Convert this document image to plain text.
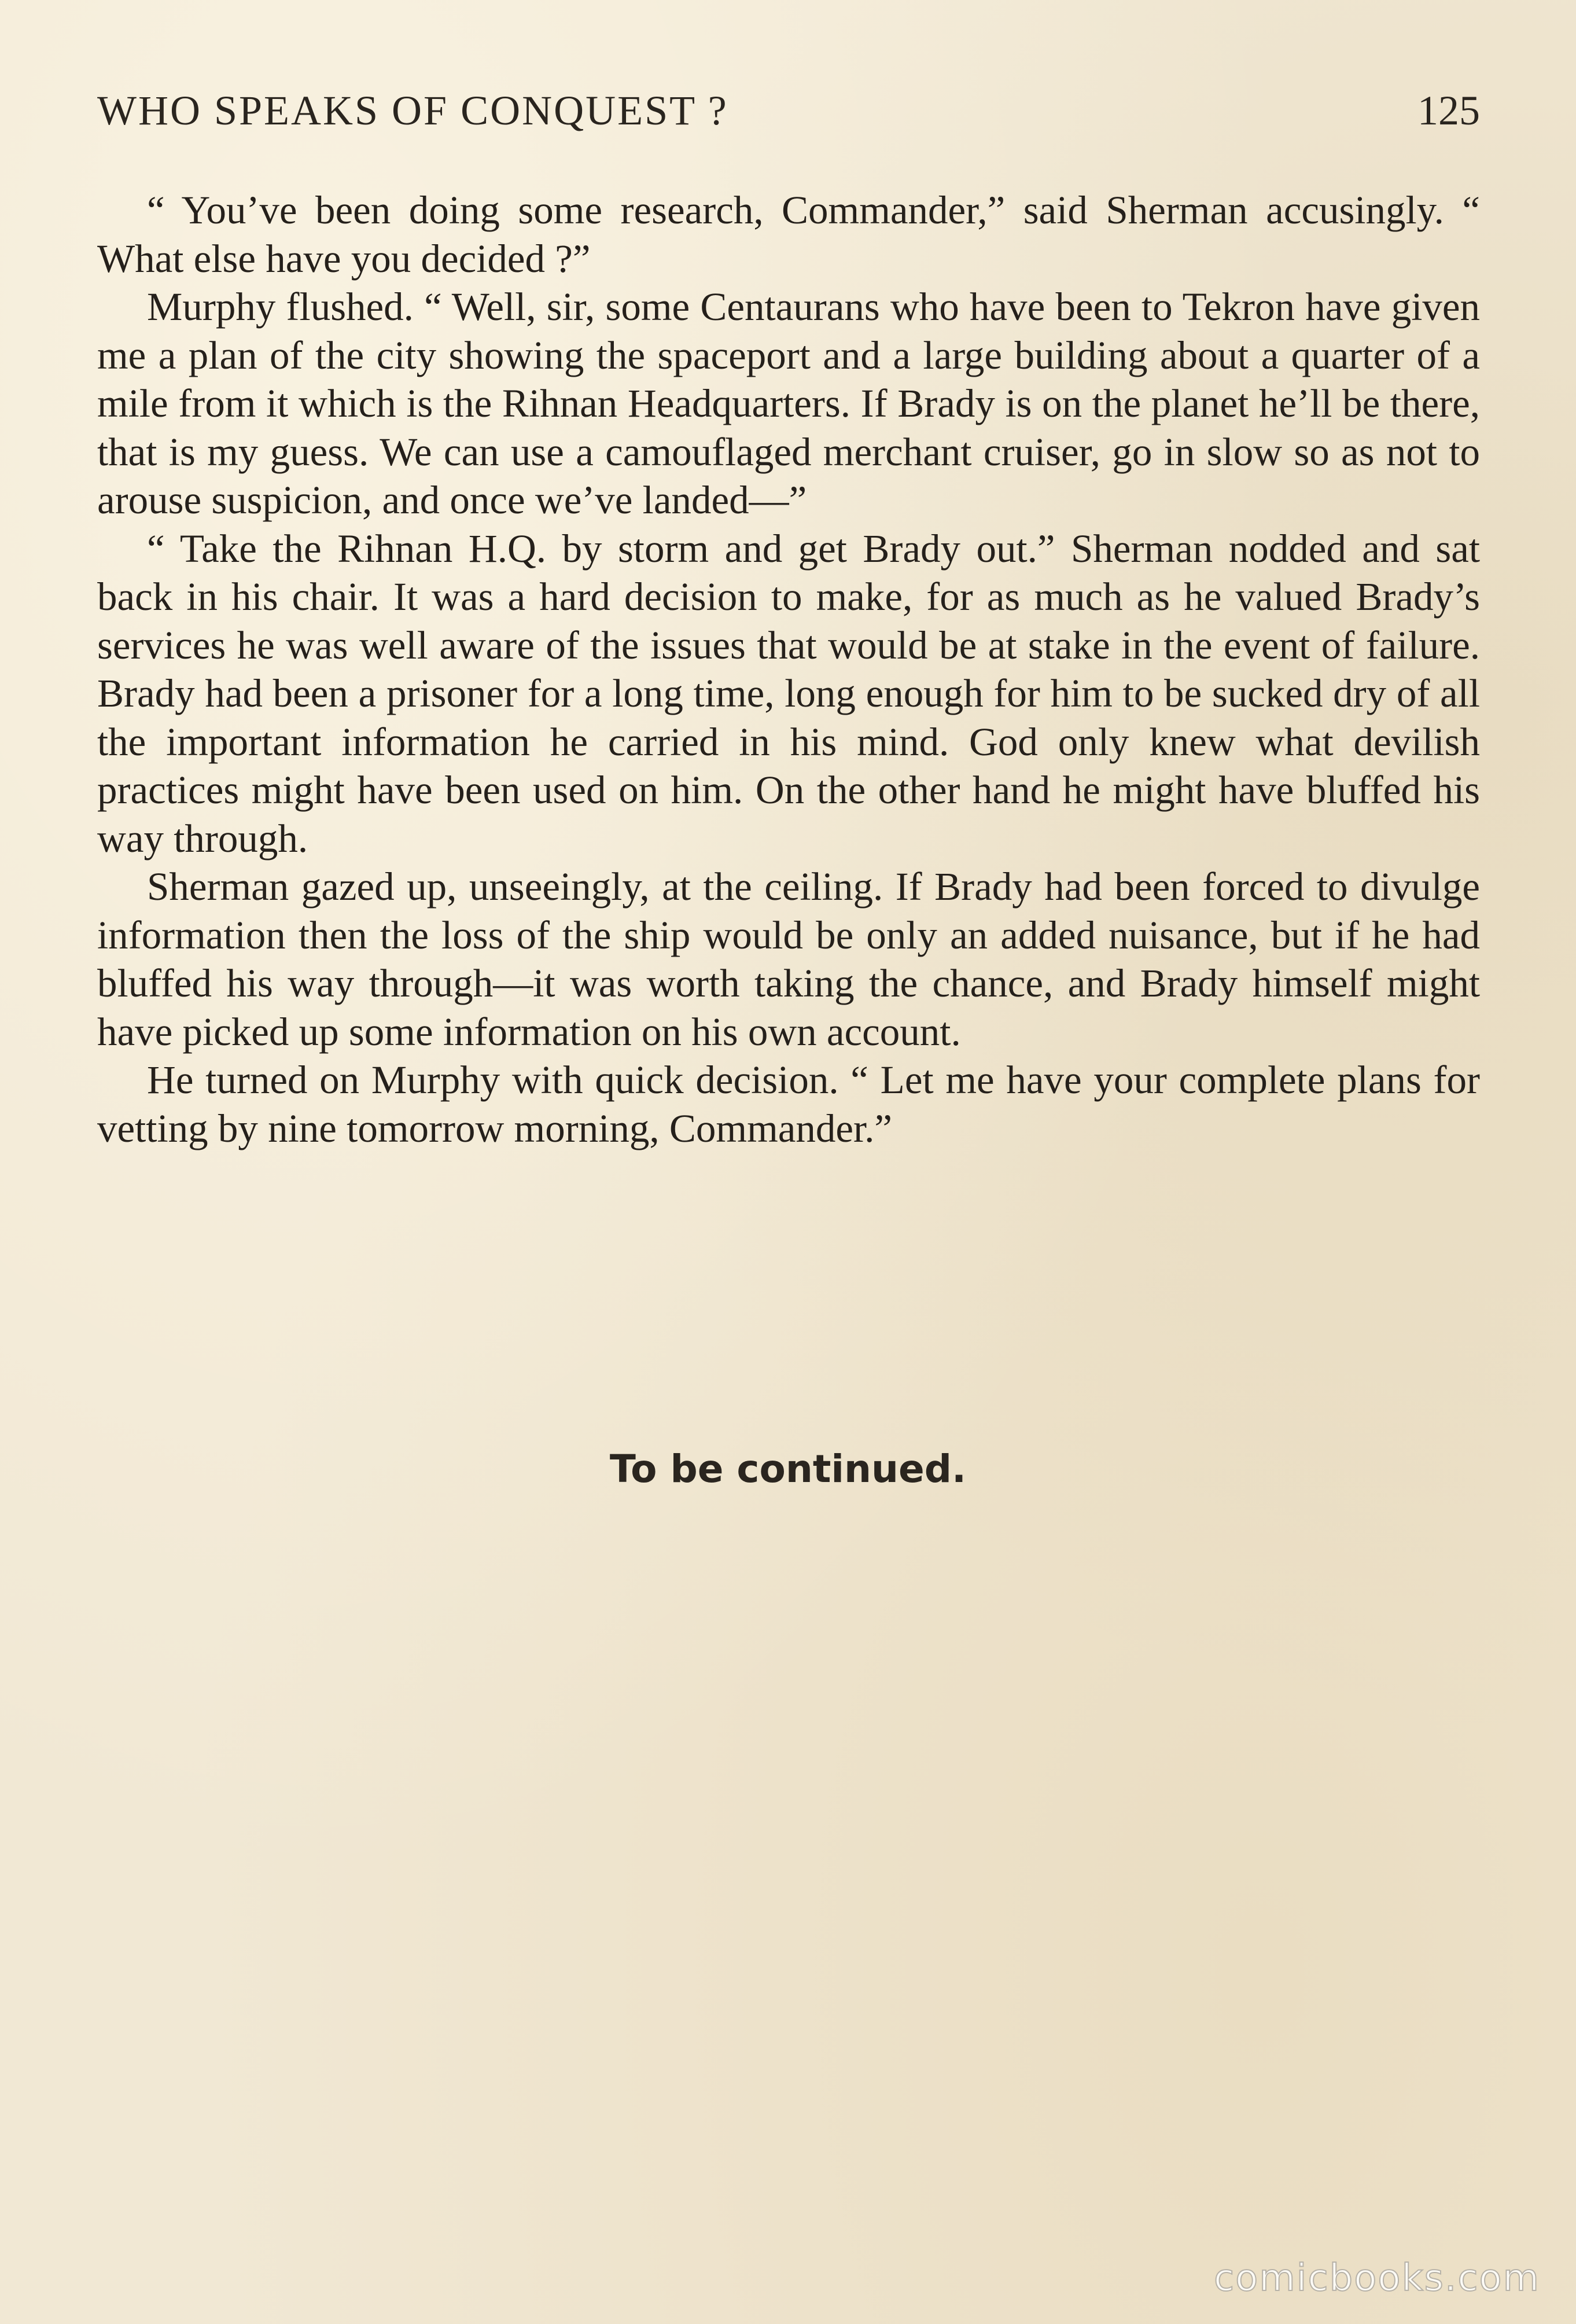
WHO SPEAKS OF CONQUEST ?	125

“ You’ve been doing some research, Commander,” said Sherman accusingly. “ What else have you decided ?”

Murphy flushed. “ Well, sir, some Centaurans who have been to Tekron have given me a plan of the city showing the spaceport and a large building about a quarter of a mile from it which is the Rihnan Headquarters. If Brady is on the planet he’ll be there, that is my guess. We can use a camouflaged merchant cruiser, go in slow so as not to arouse suspicion, and once we’ve landed—”

“ Take the Rihnan H.Q. by storm and get Brady out.” Sherman nodded and sat back in his chair. It was a hard decision to make, for as much as he valued Brady’s services he was well aware of the issues that would be at stake in the event of failure. Brady had been a prisoner for a long time, long enough for him to be sucked dry of all the important information he carried in his mind. God only knew what devilish practices might have been used on him. On the other hand he might have bluffed his way through.

Sherman gazed up, unseeingly, at the ceiling. If Brady had been forced to divulge information then the loss of the ship would be only an added nuisance, but if he had bluffed his way through—it was worth taking the chance, and Brady himself might have picked up some information on his own account.

He turned on Murphy with quick decision. “ Let me have your complete plans for vetting by nine tomorrow morning, Commander.”

To be continued.
comicbooks.com
